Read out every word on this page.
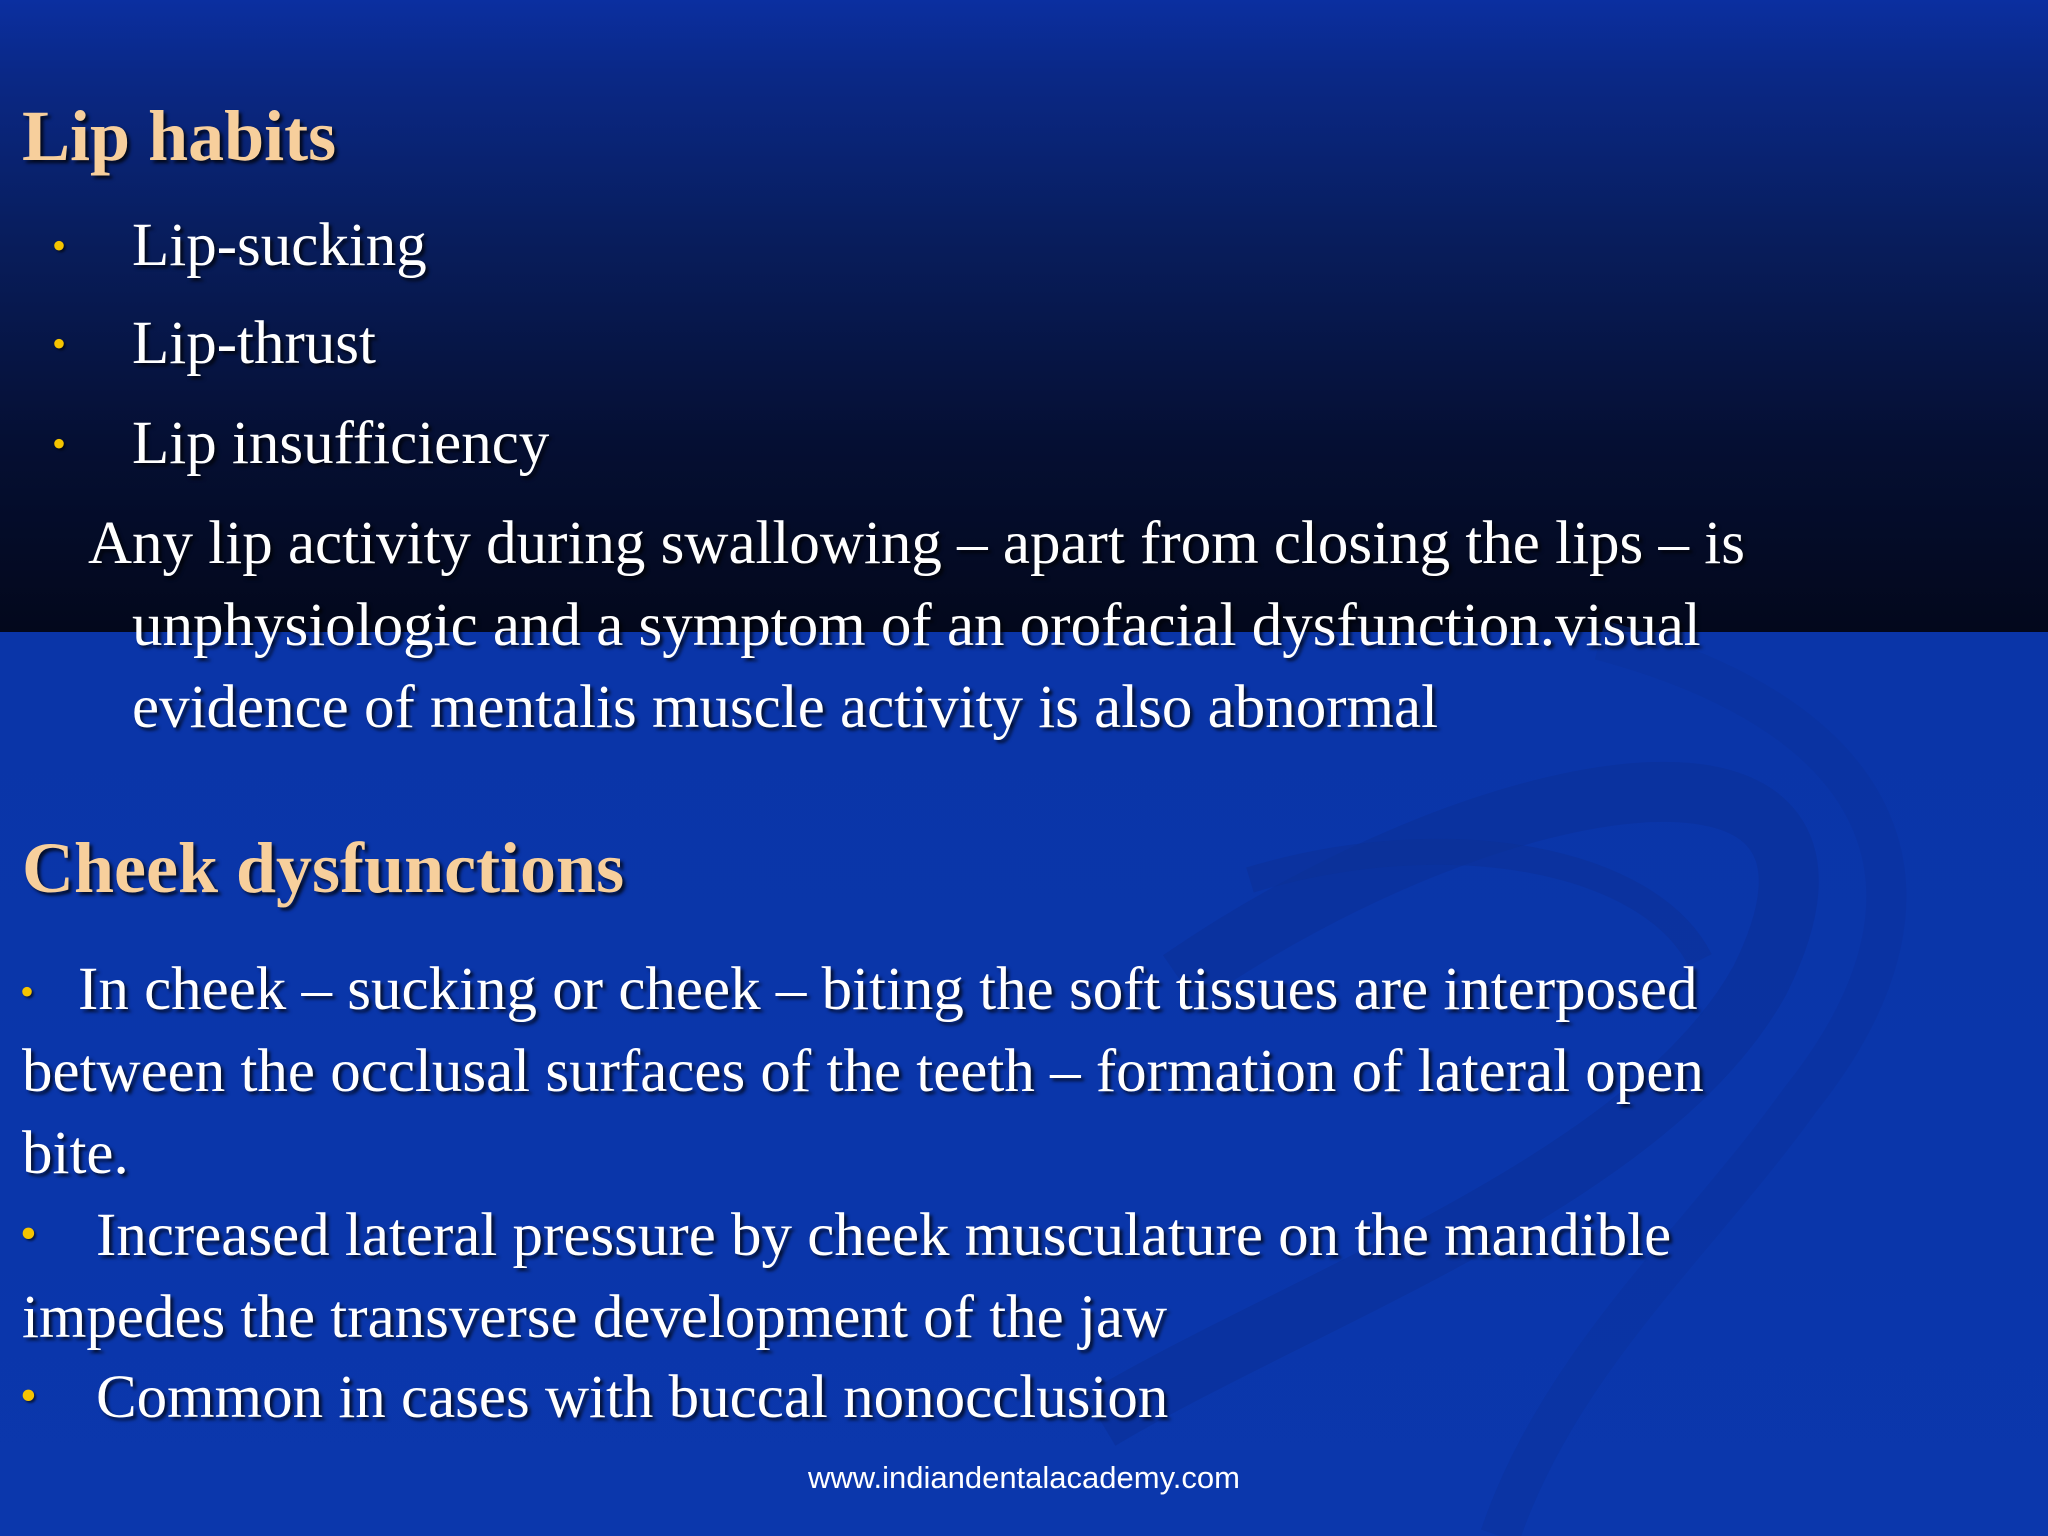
Lip habits
• Lip-sucking
• Lip-thrust
• Lip insufficiency
Any lip activity during swallowing – apart from closing the lips – is
unphysiologic and a symptom of an orofacial dysfunction.visual
evidence of mentalis muscle activity is also abnormal
Cheek dysfunctions
• In cheek – sucking or cheek – biting the soft tissues are interposed
between the occlusal surfaces of the teeth – formation of lateral open
bite.
• Increased lateral pressure by cheek musculature on the mandible
impedes the transverse development of the jaw
• Common in cases with buccal nonocclusion
www.indiandentalacademy.com
